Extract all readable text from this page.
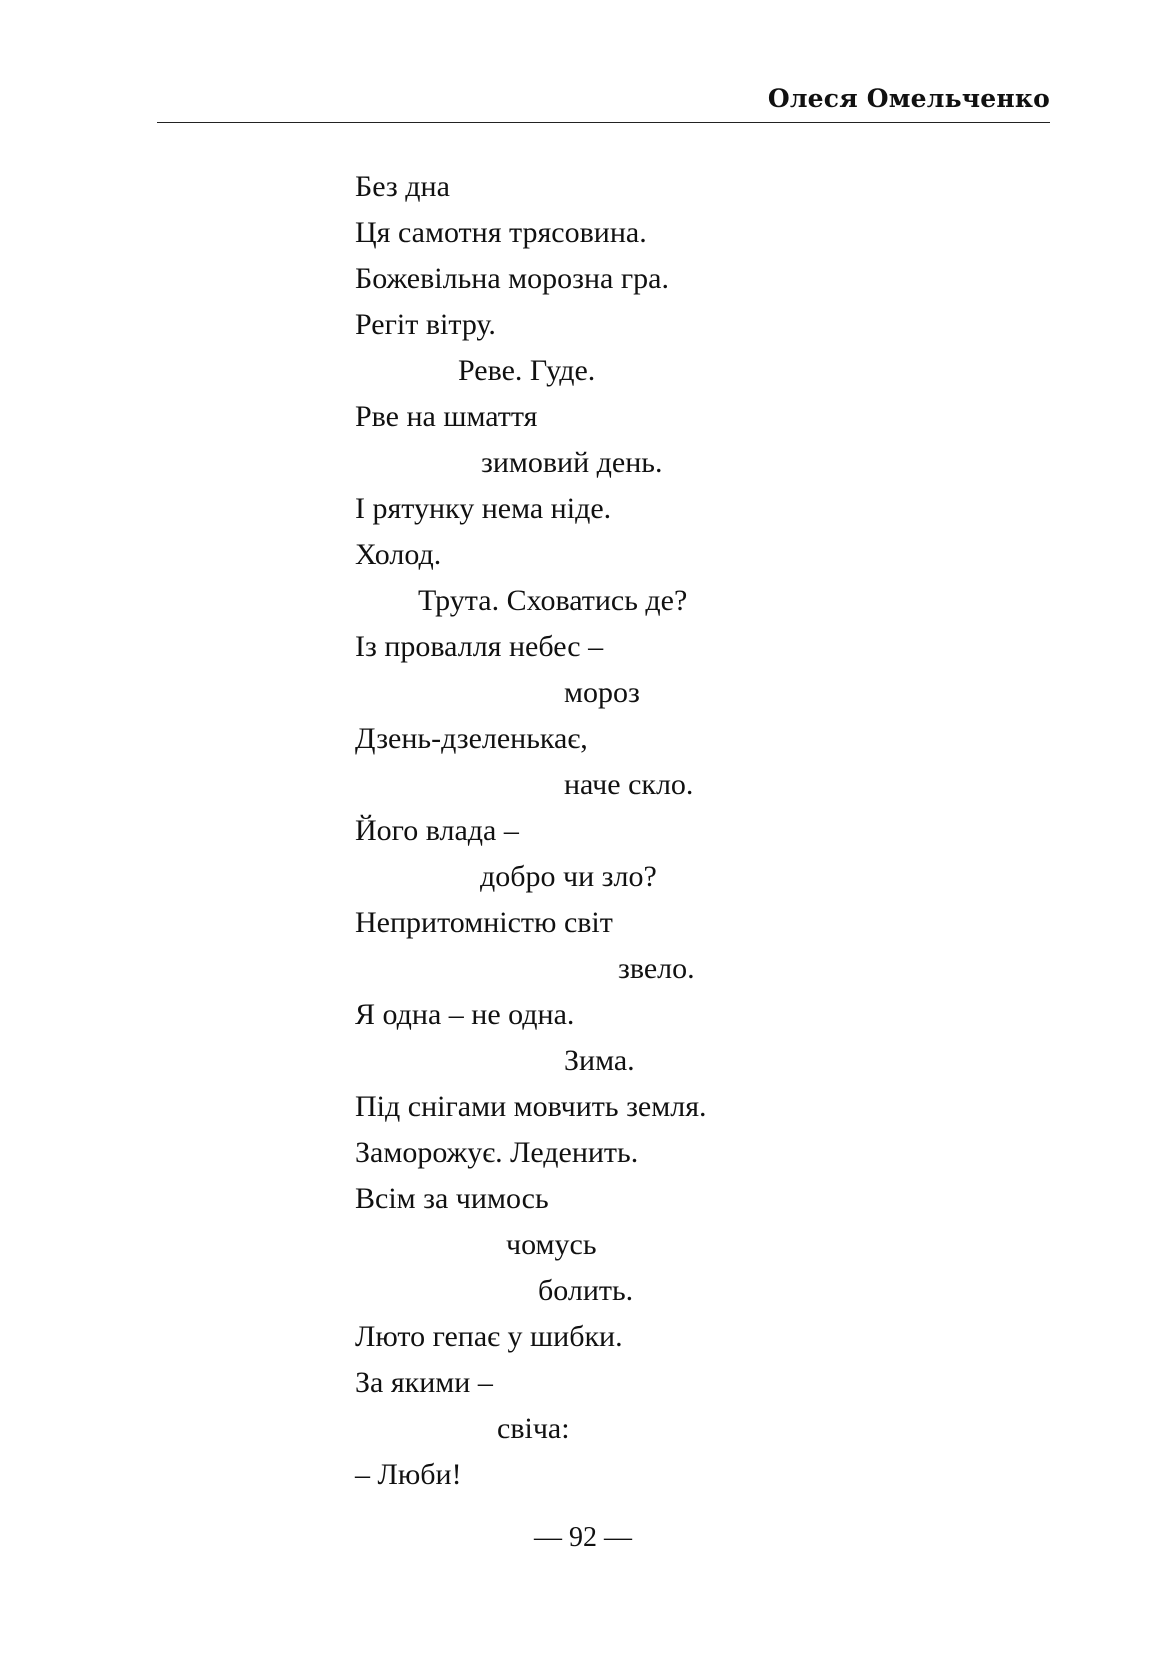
Олеся Омельченко
Без дна
Ця самотня трясовина.
Божевільна морозна гра.
Регіт вітру.
Реве. Гуде.
Рве на шмаття
зимовий день.
І рятунку нема ніде.
Холод.
Трута. Сховатись де?
Із провалля небес –
мороз
Дзень-дзеленькає,
наче скло.
Його влада –
добро чи зло?
Непритомністю світ
звело.
Я одна – не одна.
Зима.
Під снігами мовчить земля.
Заморожує. Леденить.
Всім за чимось
чомусь
болить.
Люто гепає у шибки.
За якими –
свіча:
– Люби!
— 92 —
